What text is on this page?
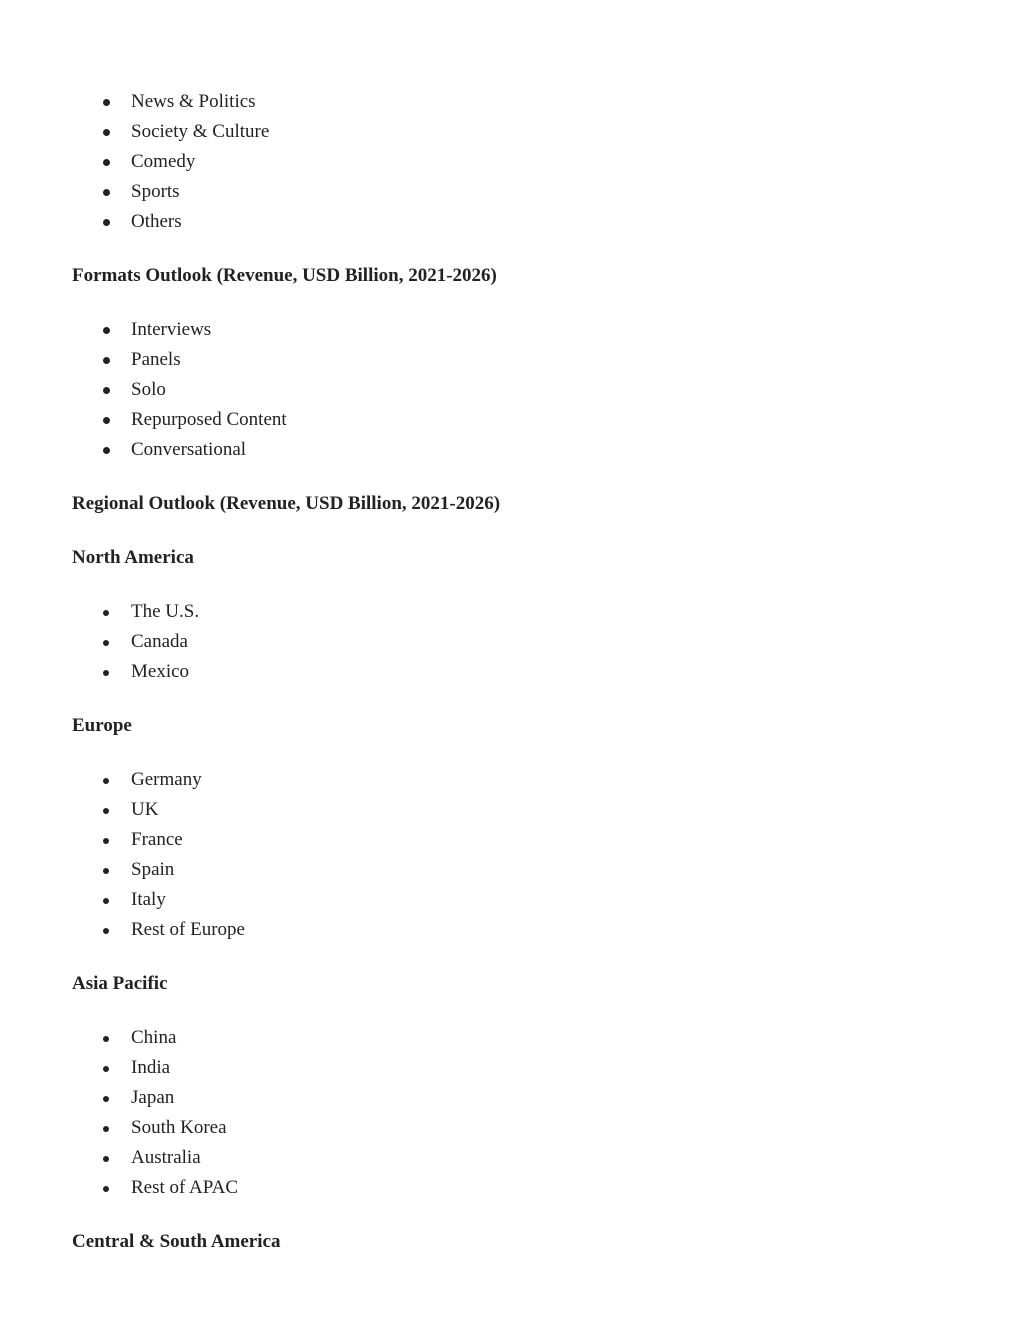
News & Politics
Society & Culture
Comedy
Sports
Others

Formats Outlook (Revenue, USD Billion, 2021-2026)

Interviews
Panels
Solo
Repurposed Content
Conversational

Regional Outlook (Revenue, USD Billion, 2021-2026)

North America

The U.S.
Canada
Mexico

Europe

Germany
UK
France
Spain
Italy
Rest of Europe

Asia Pacific

China
India
Japan
South Korea
Australia
Rest of APAC

Central & South America
